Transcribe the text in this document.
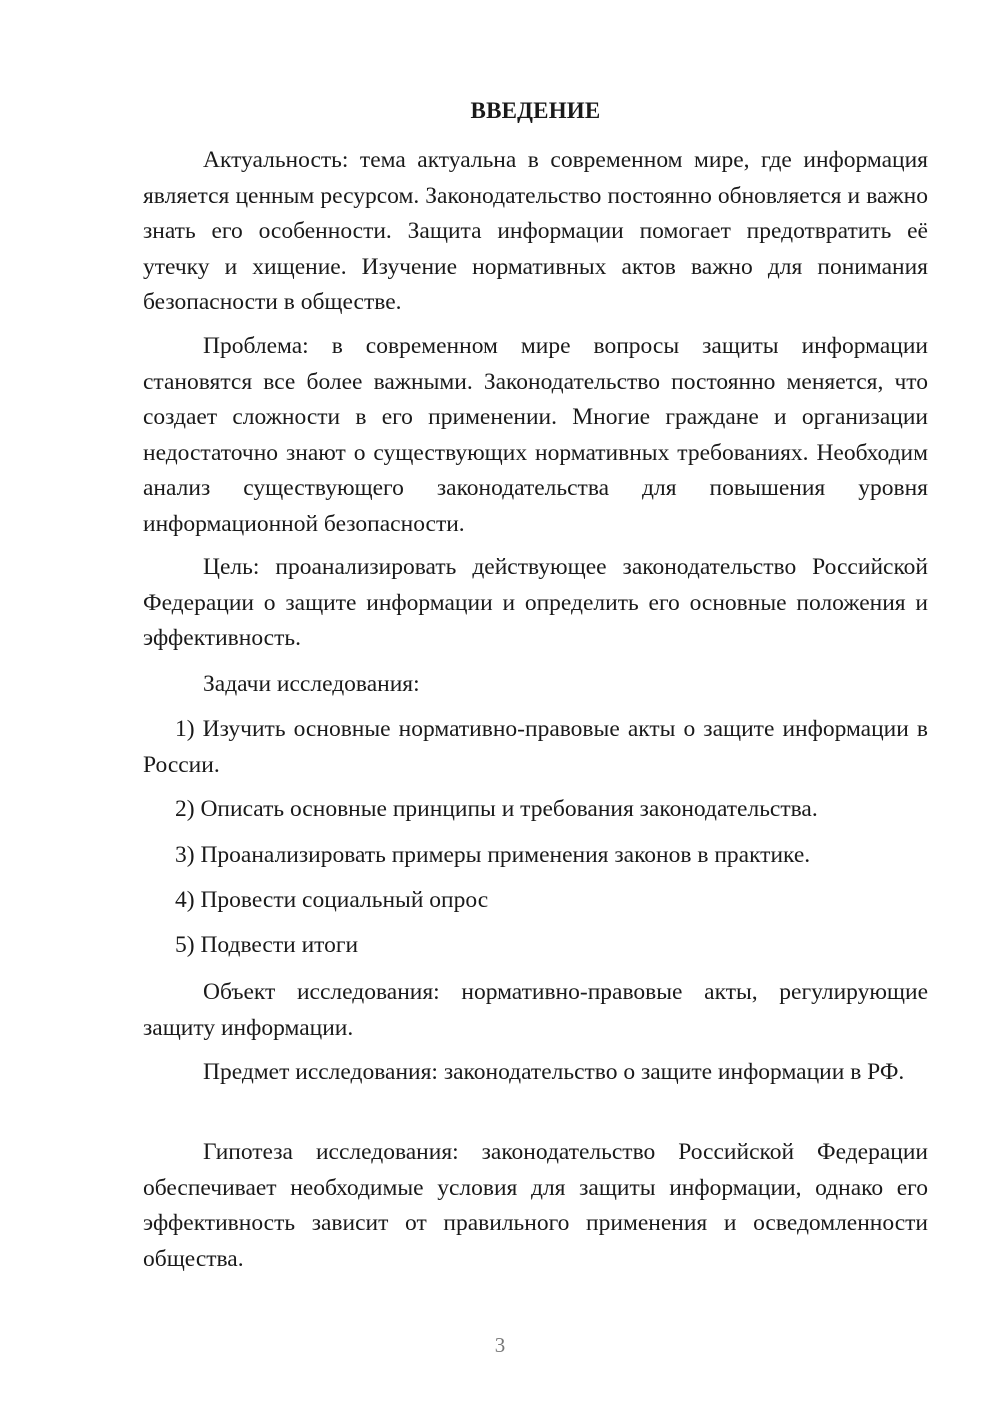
ВВЕДЕНИЕ

Актуальность: тема актуальна в современном мире, где информация является ценным ресурсом. Законодательство постоянно обновляется и важно знать его особенности. Защита информации помогает предотвратить её утечку и хищение. Изучение нормативных актов важно для понимания безопасности в обществе.

Проблема: в современном мире вопросы защиты информации становятся все более важными. Законодательство постоянно меняется, что создает сложности в его применении. Многие граждане и организации недостаточно знают о существующих нормативных требованиях. Необходим анализ существующего законодательства для повышения уровня информационной безопасности.

Цель: проанализировать действующее законодательство Российской Федерации о защите информации и определить его основные положения и эффективность.

Задачи исследования:

1) Изучить основные нормативно-правовые акты о защите информации в России.

2) Описать основные принципы и требования законодательства.

3) Проанализировать примеры применения законов в практике.

4) Провести социальный опрос

5) Подвести итоги

Объект исследования: нормативно-правовые акты, регулирующие защиту информации.

Предмет исследования: законодательство о защите информации в РФ.

Гипотеза исследования: законодательство Российской Федерации обеспечивает необходимые условия для защиты информации, однако его эффективность зависит от правильного применения и осведомленности общества.

3
